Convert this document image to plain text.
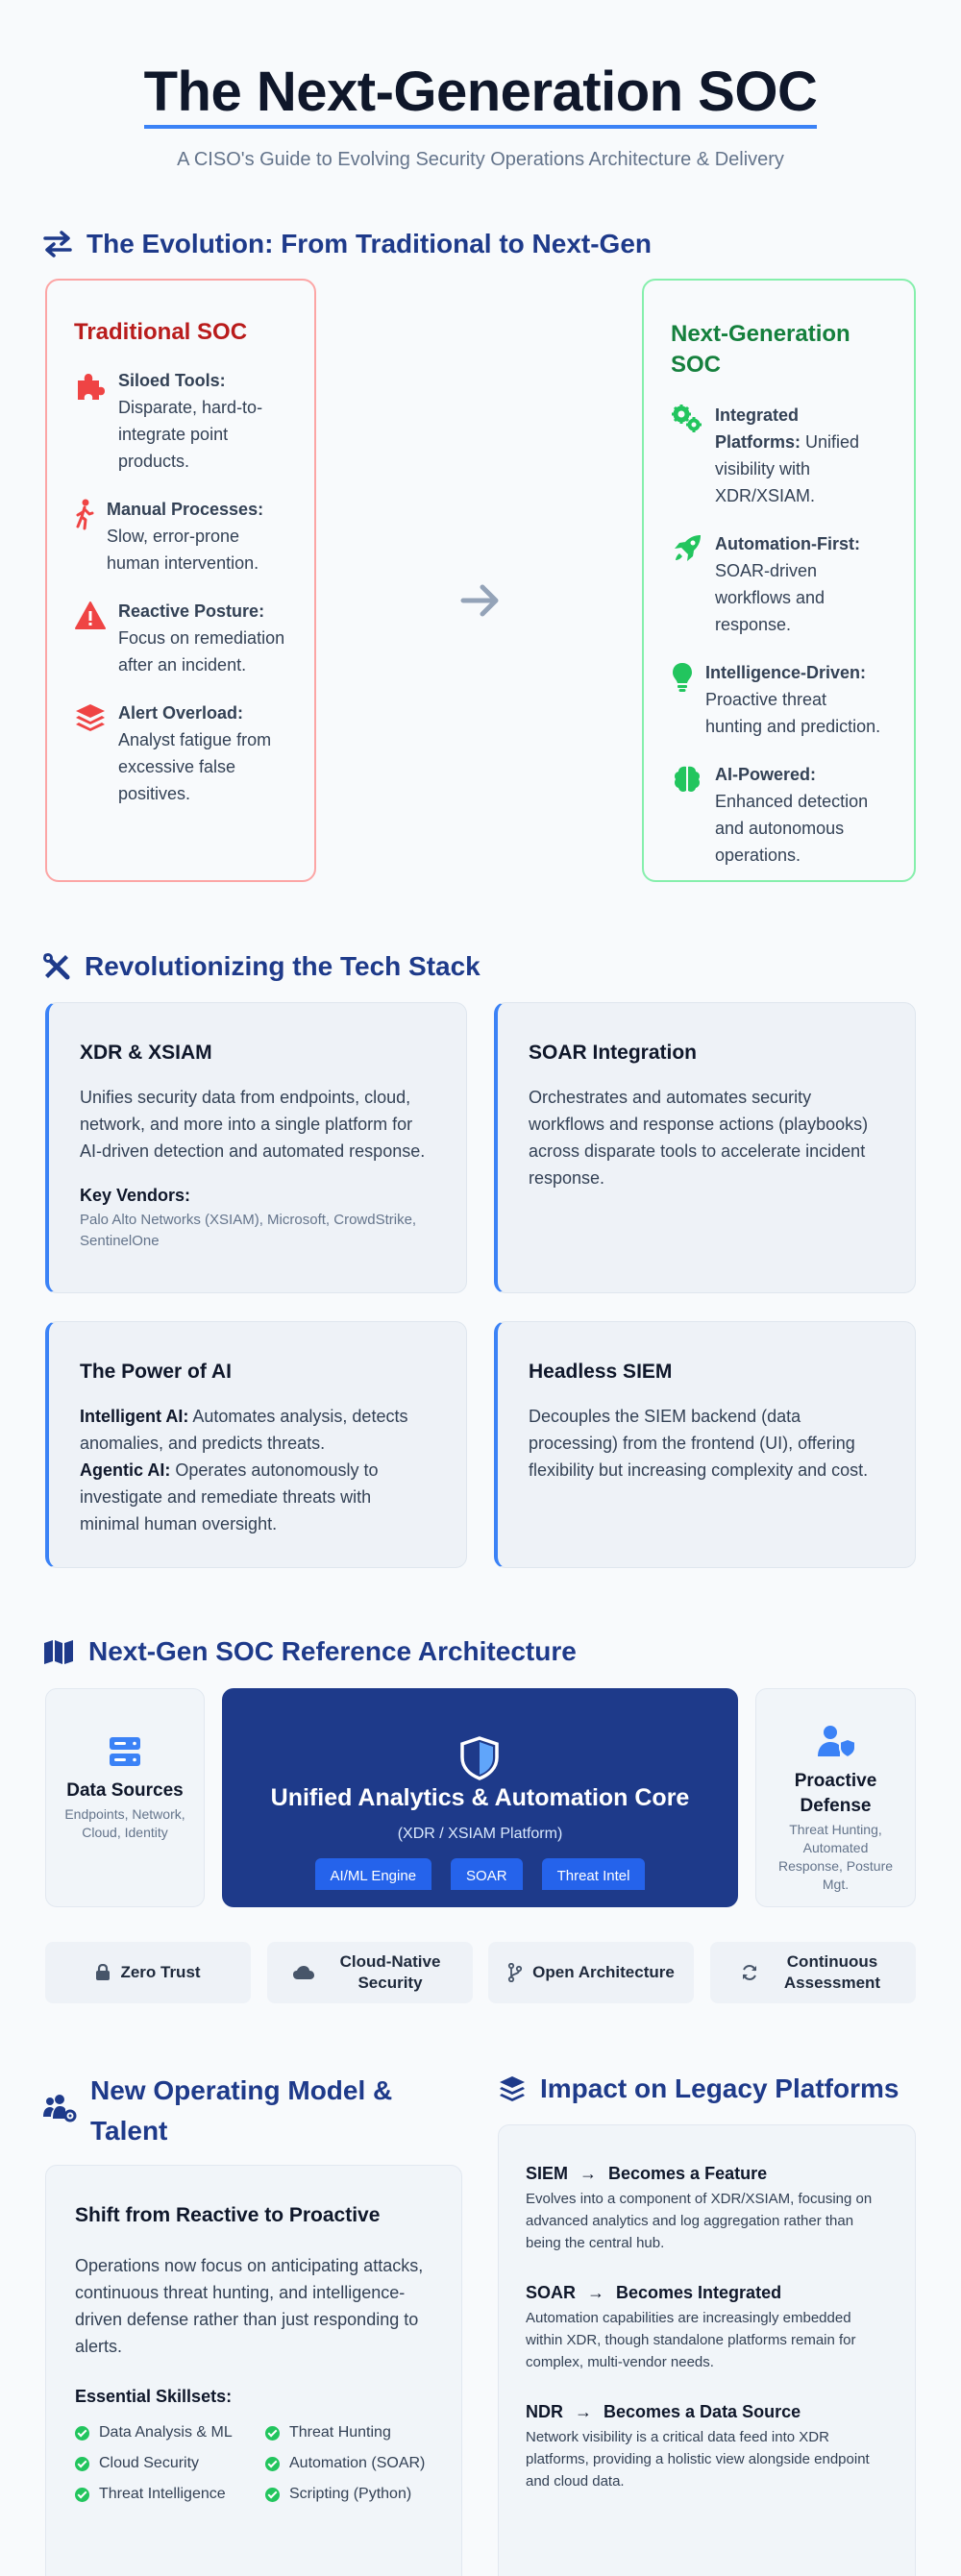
The Next-Generation SOC
A CISO's Guide to Evolving Security Operations Architecture & Delivery
The Evolution: From Traditional to Next-Gen
Traditional SOC
Siloed Tools: Disparate, hard-to-integrate point products.
Manual Processes: Slow, error-prone human intervention.
Reactive Posture: Focus on remediation after an incident.
Alert Overload: Analyst fatigue from excessive false positives.
Next-Generation SOC
Integrated Platforms: Unified visibility with XDR/XSIAM.
Automation-First: SOAR-driven workflows and response.
Intelligence-Driven: Proactive threat hunting and prediction.
AI-Powered: Enhanced detection and autonomous operations.
Revolutionizing the Tech Stack
XDR & XSIAM

Unifies security data from endpoints, cloud, network, and more into a single platform for AI-driven detection and automated response.

Key Vendors:
Palo Alto Networks (XSIAM), Microsoft, CrowdStrike, SentinelOne
SOAR Integration

Orchestrates and automates security workflows and response actions (playbooks) across disparate tools to accelerate incident response.

The Power of AI

Intelligent AI: Automates analysis, detects anomalies, and predicts threats.

Agentic AI: Operates autonomously to investigate and remediate threats with minimal human oversight.

Headless SIEM

Decouples the SIEM backend (data processing) from the frontend (UI), offering flexibility but increasing complexity and cost.

Next-Gen SOC Reference Architecture
Data Sources
Endpoints, Network, Cloud, Identity
Unified Analytics & Automation Core
(XDR / XSIAM Platform)
AI/ML Engine	SOAR	Threat Intel
Proactive Defense
Threat Hunting, Automated Response, Posture Mgt.
Zero Trust
Cloud-Native Security
Open Architecture
Continuous Assessment
New Operating Model & Talent
Shift from Reactive to Proactive

Operations now focus on anticipating attacks, continuous threat hunting, and intelligence-driven defense rather than just responding to alerts.

Essential Skillsets:
Data Analysis & ML	Threat Hunting
Cloud Security	Automation (SOAR)
Threat Intelligence	Scripting (Python)
Impact on Legacy Platforms
SIEM → Becomes a Feature
Evolves into a component of XDR/XSIAM, focusing on advanced analytics and log aggregation rather than being the central hub.
SOAR → Becomes Integrated
Automation capabilities are increasingly embedded within XDR, though standalone platforms remain for complex, multi-vendor needs.
NDR → Becomes a Data Source
Network visibility is a critical data feed into XDR platforms, providing a holistic view alongside endpoint and cloud data.
